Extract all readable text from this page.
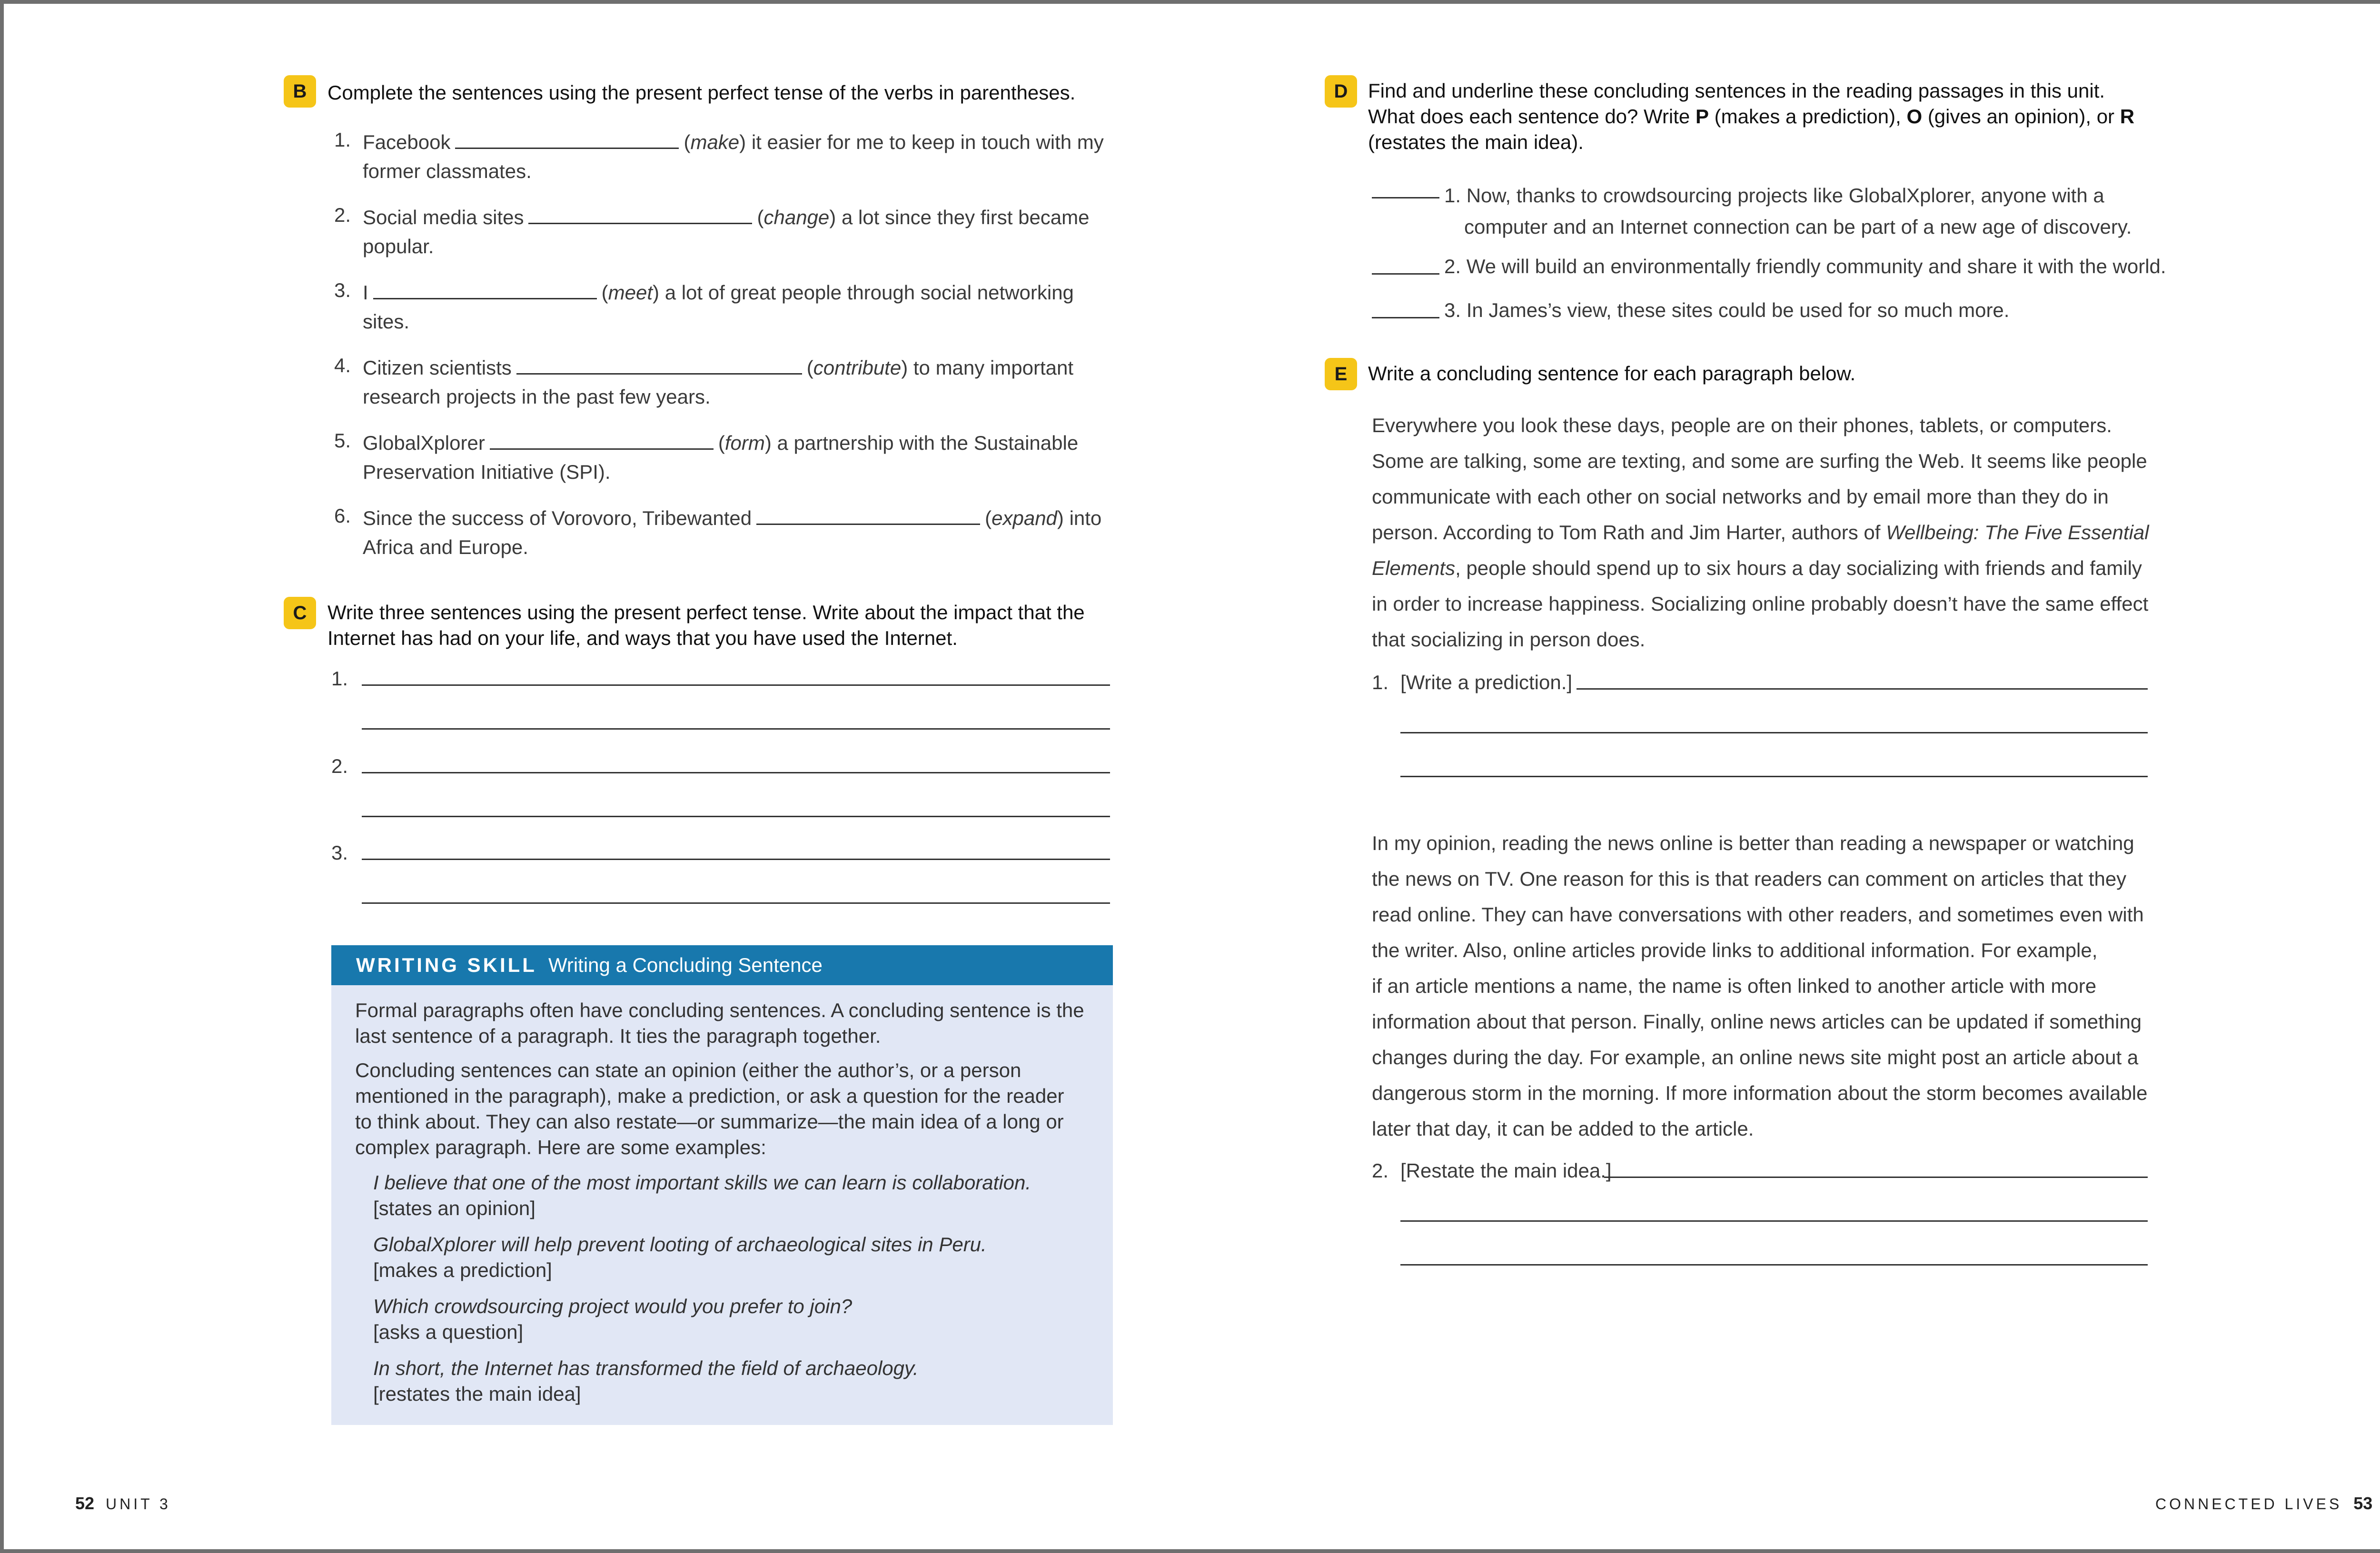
B	Complete the sentences using the present perfect tense of the verbs in parentheses.
1. Facebook	(make) it easier for me to keep in touch with my
former classmates.
2. Social media sites	(change) a lot since they first became
popular.
3. I	(meet) a lot of great people through social networking
sites.
4. Citizen scientists	(contribute) to many important
research projects in the past few years.
5. GlobalXplorer	(form) a partnership with the Sustainable
Preservation Initiative (SPI).
6. Since the success of Vorovoro, Tribewanted	(expand) into
Africa and Europe.
C	Write three sentences using the present perfect tense. Write about the impact that the
Internet has had on your life, and ways that you have used the Internet.
1.
2.
3.
WRITING SKILL Writing a Concluding Sentence
Formal paragraphs often have concluding sentences. A concluding sentence is the
last sentence of a paragraph. It ties the paragraph together.
Concluding sentences can state an opinion (either the author’s, or a person
mentioned in the paragraph), make a prediction, or ask a question for the reader
to think about. They can also restate—or summarize—the main idea of a long or
complex paragraph. Here are some examples:
I believe that one of the most important skills we can learn is collaboration.
[states an opinion]
GlobalXplorer will help prevent looting of archaeological sites in Peru.
[makes a prediction]
Which crowdsourcing project would you prefer to join?
[asks a question]
In short, the Internet has transformed the field of archaeology.
[restates the main idea]
52 UNIT 3
D	Find and underline these concluding sentences in the reading passages in this unit.
What does each sentence do? Write P (makes a prediction), O (gives an opinion), or R
(restates the main idea).
1. Now, thanks to crowdsourcing projects like GlobalXplorer, anyone with a
computer and an Internet connection can be part of a new age of discovery.
2. We will build an environmentally friendly community and share it with the world.
3. In James’s view, these sites could be used for so much more.
E	Write a concluding sentence for each paragraph below.
Everywhere you look these days, people are on their phones, tablets, or computers.
Some are talking, some are texting, and some are surfing the Web. It seems like people
communicate with each other on social networks and by email more than they do in
person. According to Tom Rath and Jim Harter, authors of Wellbeing: The Five Essential
Elements, people should spend up to six hours a day socializing with friends and family
in order to increase happiness. Socializing online probably doesn’t have the same effect
that socializing in person does.
1. [Write a prediction.]
In my opinion, reading the news online is better than reading a newspaper or watching
the news on TV. One reason for this is that readers can comment on articles that they
read online. They can have conversations with other readers, and sometimes even with
the writer. Also, online articles provide links to additional information. For example,
if an article mentions a name, the name is often linked to another article with more
information about that person. Finally, online news articles can be updated if something
changes during the day. For example, an online news site might post an article about a
dangerous storm in the morning. If more information about the storm becomes available
later that day, it can be added to the article.
2. [Restate the main idea.]
CONNECTED LIVES 53
